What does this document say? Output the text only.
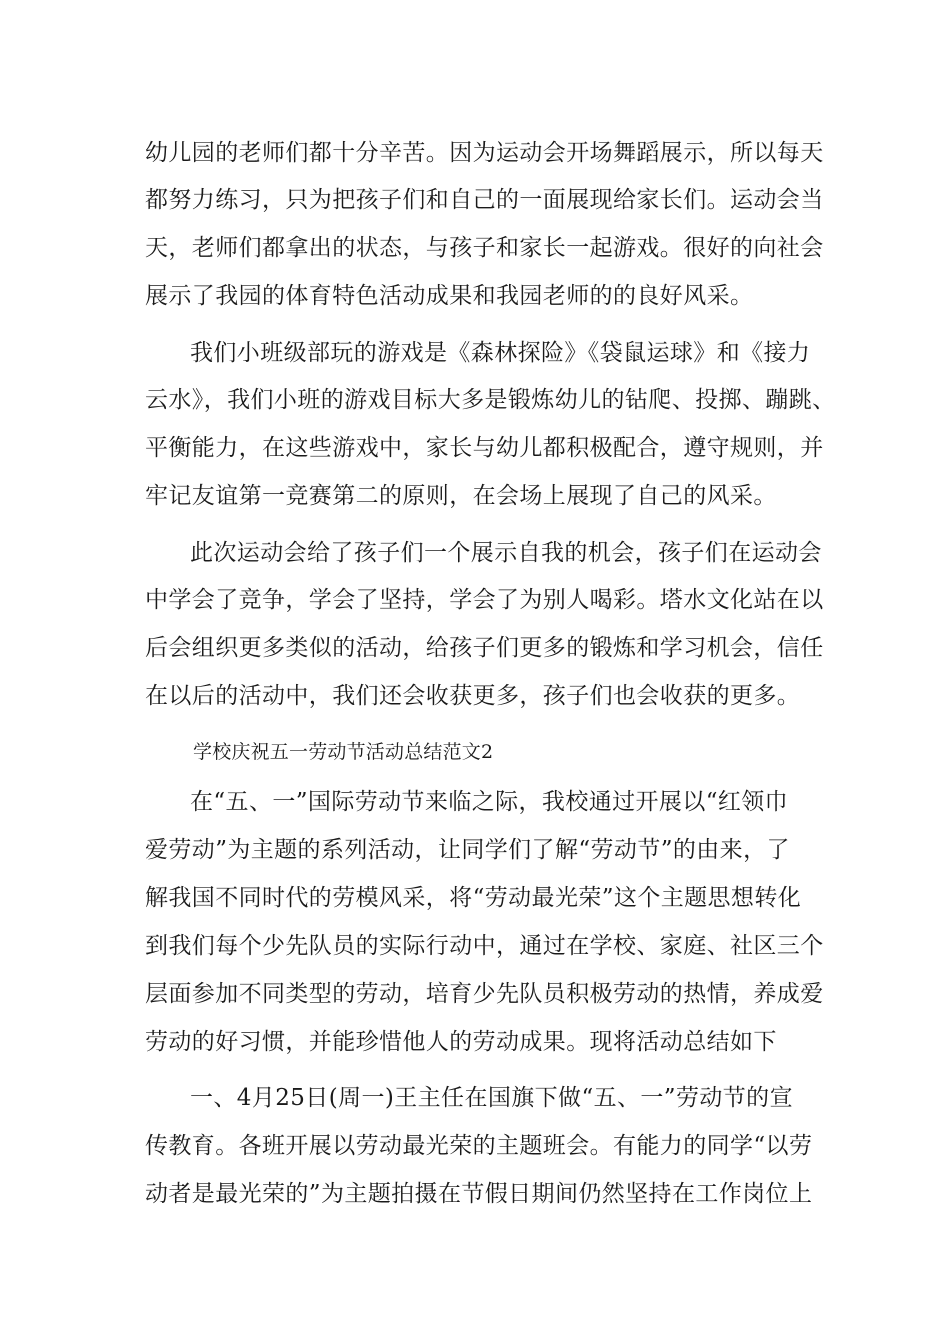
幼儿园的老师们都十分辛苦。因为运动会开场舞蹈展示，所以每天
都努力练习，只为把孩子们和自己的一面展现给家长们。运动会当
天，老师们都拿出的状态，与孩子和家长一起游戏。很好的向社会
展示了我园的体育特色活动成果和我园老师的的良好风采。
我们小班级部玩的游戏是《森林探险》《袋鼠运球》和《接力
云水》，我们小班的游戏目标大多是锻炼幼儿的钻爬、投掷、蹦跳、
平衡能力，在这些游戏中，家长与幼儿都积极配合，遵守规则，并
牢记友谊第一竞赛第二的原则，在会场上展现了自己的风采。
此次运动会给了孩子们一个展示自我的机会，孩子们在运动会
中学会了竞争，学会了坚持，学会了为别人喝彩。塔水文化站在以
后会组织更多类似的活动，给孩子们更多的锻炼和学习机会，信任
在以后的活动中，我们还会收获更多，孩子们也会收获的更多。
学校庆祝五一劳动节活动总结范文2
在“五、一”国际劳动节来临之际，我校通过开展以“红领巾
爱劳动”为主题的系列活动，让同学们了解“劳动节”的由来，了
解我国不同时代的劳模风采，将“劳动最光荣”这个主题思想转化
到我们每个少先队员的实际行动中，通过在学校、家庭、社区三个
层面参加不同类型的劳动，培育少先队员积极劳动的热情，养成爱
劳动的好习惯，并能珍惜他人的劳动成果。现将活动总结如下
一、4月25日(周一)王主任在国旗下做“五、一”劳动节的宣
传教育。各班开展以劳动最光荣的主题班会。有能力的同学“以劳
动者是最光荣的”为主题拍摄在节假日期间仍然坚持在工作岗位上
